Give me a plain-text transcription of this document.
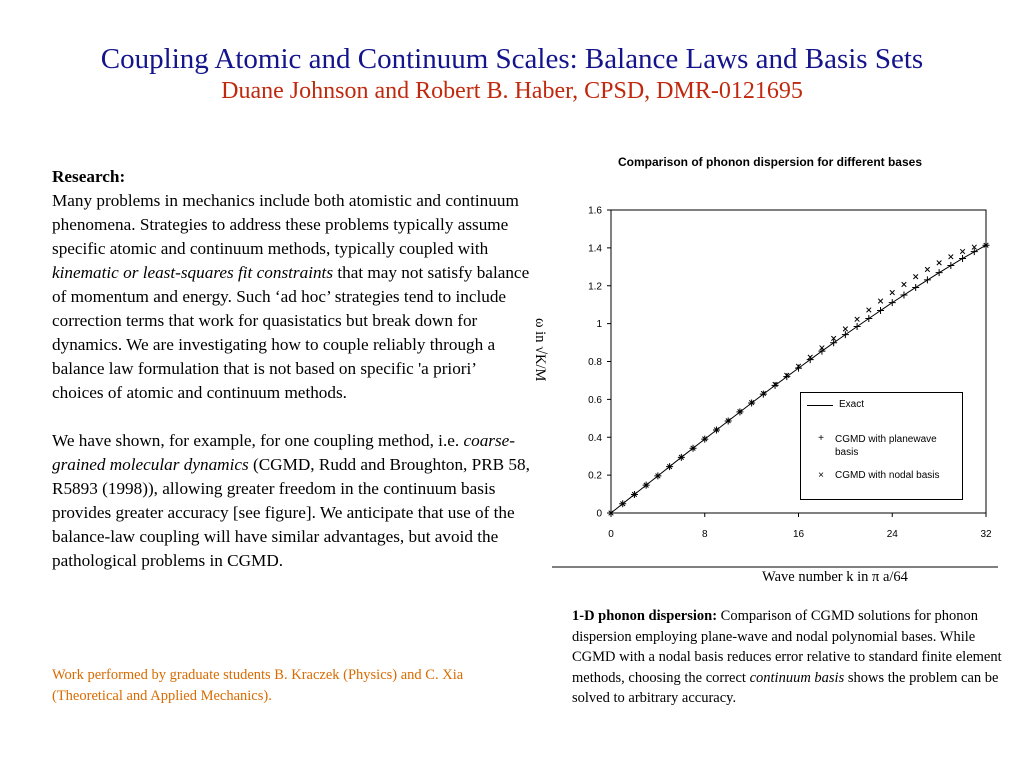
Coupling Atomic and Continuum Scales: Balance Laws and Basis Sets
Duane Johnson and Robert B. Haber, CPSD, DMR-0121695

Research:

Many problems in mechanics include both atomistic and continuum phenomena. Strategies to address these problems typically assume specific atomic and continuum methods, typically coupled with kinematic or least-squares fit constraints that may not satisfy balance of momentum and energy. Such ‘ad hoc’ strategies tend to include correction terms that work for quasistatics but break down for dynamics. We are investigating how to couple reliably through a balance law formulation that is not based on specific 'a priori’ choices of atomic and continuum methods.

We have shown, for example, for one coupling method, i.e. coarse-grained molecular dynamics (CGMD, Rudd and Broughton, PRB 58, R5893 (1998)), allowing greater freedom in the continuum basis provides greater accuracy [see figure]. We anticipate that use of the balance-law coupling will have similar advantages, but avoid the pathological problems in CGMD.

Work performed by graduate students B. Kraczek (Physics) and C. Xia (Theoretical and Applied Mechanics).
Comparison of phonon dispersion for different bases
0
0.2
0.4
0.6
0.8
1
1.2
1.4
1.6
0	8	16	24	32
ω in √K/M
Wave number k in π a/64
Exact
+	CGMD with planewave basis
×	CGMD with nodal basis
1-D phonon dispersion: Comparison of CGMD solutions for phonon dispersion employing plane-wave and nodal polynomial bases. While CGMD with a nodal basis reduces error relative to standard finite element methods, choosing the correct continuum basis shows the problem can be solved to arbitrary accuracy.
